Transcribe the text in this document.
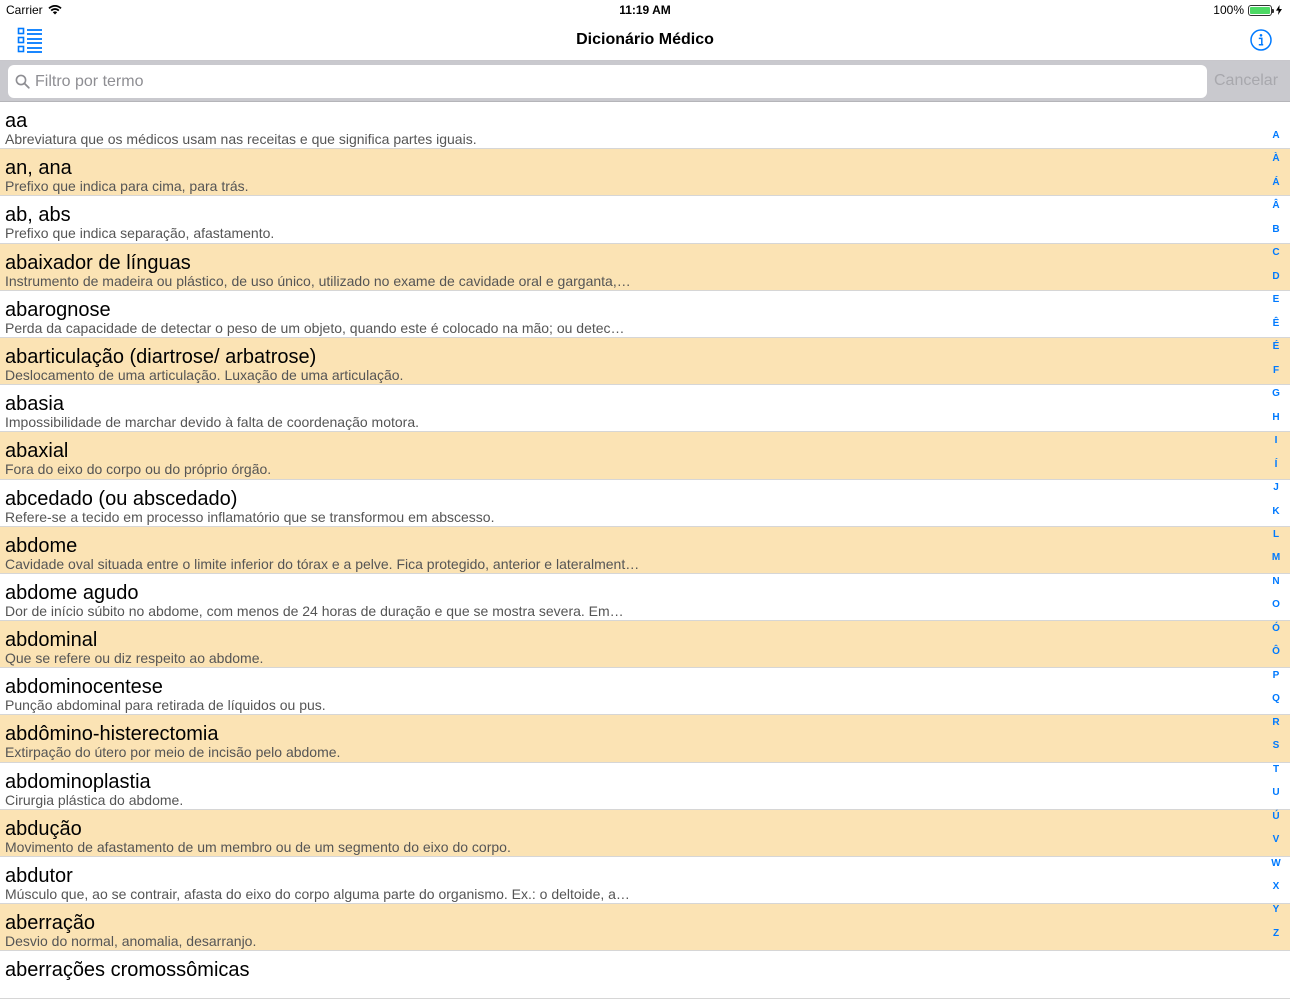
Carrier	11:19 AM	100%
Dicionário Médico
Filtro por termo
Cancelar
aa
Abreviatura que os médicos usam nas receitas e que significa partes iguais.
an, ana
Prefixo que indica para cima, para trás.
ab, abs
Prefixo que indica separação, afastamento.
abaixador de línguas
Instrumento de madeira ou plástico, de uso único, utilizado no exame de cavidade oral e garganta,…
abarognose
Perda da capacidade de detectar o peso de um objeto, quando este é colocado na mão; ou detec…
abarticulação (diartrose/ arbatrose)
Deslocamento de uma articulação. Luxação de uma articulação.
abasia
Impossibilidade de marchar devido à falta de coordenação motora.
abaxial
Fora do eixo do corpo ou do próprio órgão.
abcedado (ou abscedado)
Refere-se a tecido em processo inflamatório que se transformou em abscesso.
abdome
Cavidade oval situada entre o limite inferior do tórax e a pelve. Fica protegido, anterior e lateralment…
abdome agudo
Dor de início súbito no abdome, com menos de 24 horas de duração e que se mostra severa. Em…
abdominal
Que se refere ou diz respeito ao abdome.
abdominocentese
Punção abdominal para retirada de líquidos ou pus.
abdômino-histerectomia
Extirpação do útero por meio de incisão pelo abdome.
abdominoplastia
Cirurgia plástica do abdome.
abdução
Movimento de afastamento de um membro ou de um segmento do eixo do corpo.
abdutor
Músculo que, ao se contrair, afasta do eixo do corpo alguma parte do organismo. Ex.: o deltoide, a…
aberração
Desvio do normal, anomalia, desarranjo.
aberrações cromossômicas
A
À
Á
Â
B
C
D
E
Ê
É
F
G
H
I
Í
J
K
L
M
N
O
Ó
Ô
P
Q
R
S
T
U
Ú
V
W
X
Y
Z
